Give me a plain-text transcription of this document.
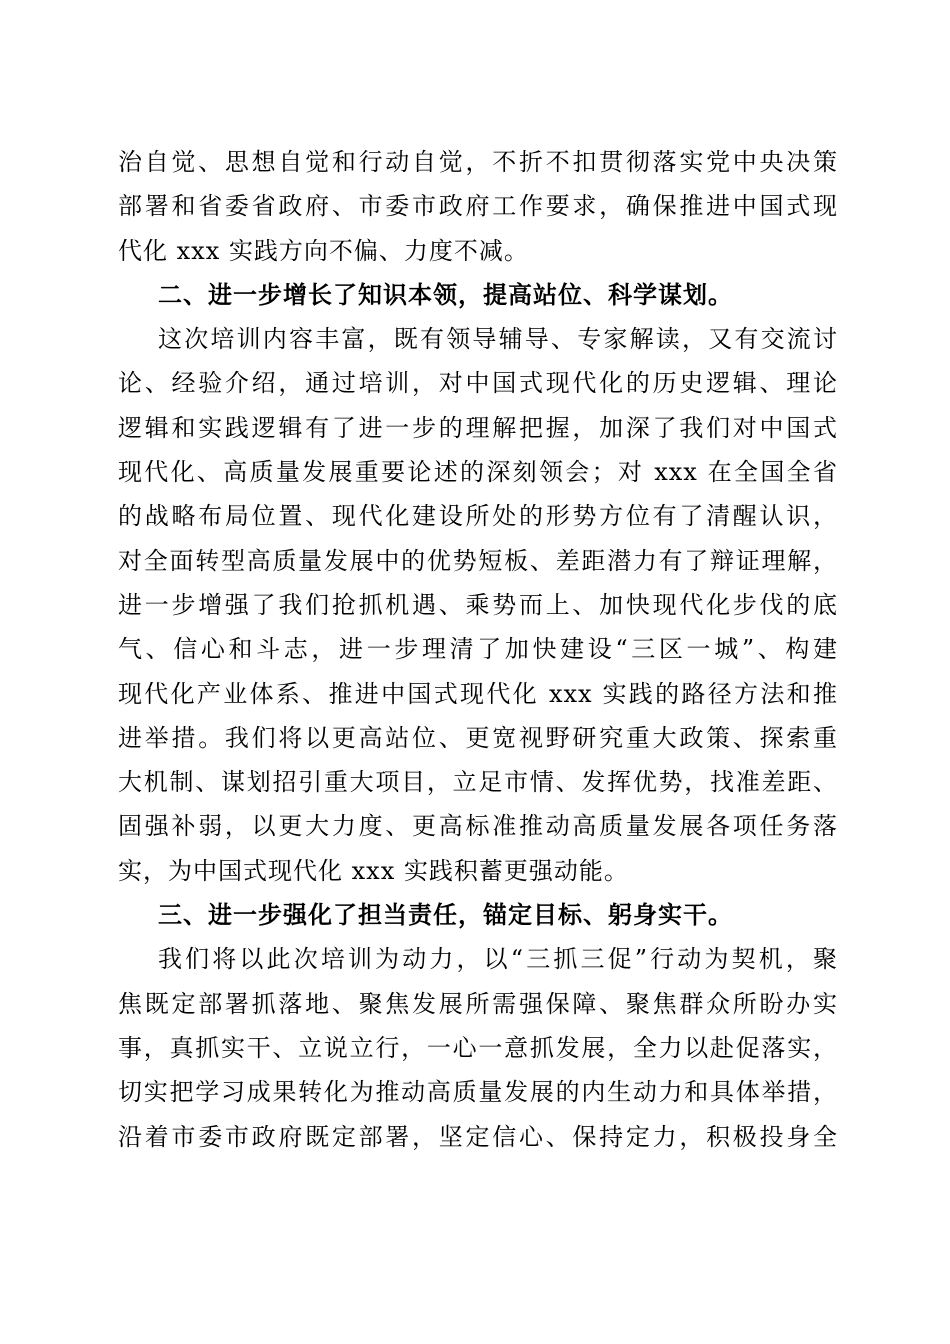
治自觉、思想自觉和行动自觉，不折不扣贯彻落实党中央决策
部署和省委省政府、市委市政府工作要求，确保推进中国式现
代化 xxx 实践方向不偏、力度不减。
二、进一步增长了知识本领，提高站位、科学谋划。
这次培训内容丰富，既有领导辅导、专家解读，又有交流讨
论、经验介绍，通过培训，对中国式现代化的历史逻辑、理论
逻辑和实践逻辑有了进一步的理解把握，加深了我们对中国式
现代化、高质量发展重要论述的深刻领会；对 xxx 在全国全省
的战略布局位置、现代化建设所处的形势方位有了清醒认识，
对全面转型高质量发展中的优势短板、差距潜力有了辩证理解，
进一步增强了我们抢抓机遇、乘势而上、加快现代化步伐的底
气、信心和斗志，进一步理清了加快建设“三区一城”、构建
现代化产业体系、推进中国式现代化 xxx 实践的路径方法和推
进举措。我们将以更高站位、更宽视野研究重大政策、探索重
大机制、谋划招引重大项目，立足市情、发挥优势，找准差距、
固强补弱，以更大力度、更高标准推动高质量发展各项任务落
实，为中国式现代化 xxx 实践积蓄更强动能。
三、进一步强化了担当责任，锚定目标、躬身实干。
我们将以此次培训为动力，以“三抓三促”行动为契机，聚
焦既定部署抓落地、聚焦发展所需强保障、聚焦群众所盼办实
事，真抓实干、立说立行，一心一意抓发展，全力以赴促落实，
切实把学习成果转化为推动高质量发展的内生动力和具体举措，
沿着市委市政府既定部署，坚定信心、保持定力，积极投身全
